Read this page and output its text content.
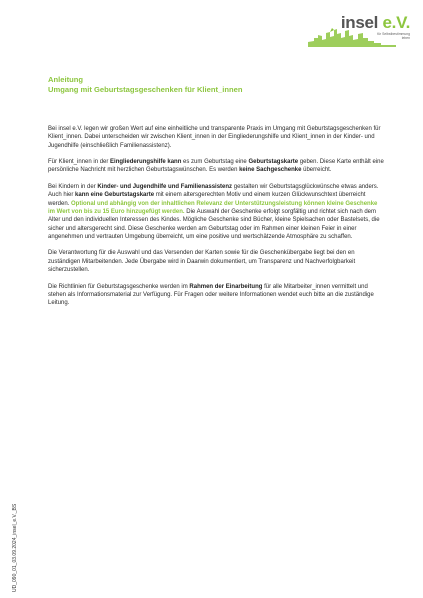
insel e.V.
für Selbstbestimmung
leben
Anleitung
Umgang mit Geburtstagsgeschenken für Klient_innen

Bei insel e.V. legen wir großen Wert auf eine einheitliche und transparente Praxis im Umgang mit Geburtstagsgeschenken für Klient_innen. Dabei unterscheiden wir zwischen Klient_innen in der Eingliederungshilfe und Klient_innen in der Kinder- und Jugendhilfe (einschließlich Familienassistenz).

Für Klient_innen in der Eingliederungshilfe kann es zum Geburtstag eine Geburtstagskarte geben. Diese Karte enthält eine persönliche Nachricht mit herzlichen Geburtstagswünschen. Es werden keine Sachgeschenke überreicht.

Bei Kindern in der Kinder- und Jugendhilfe und Familienassistenz gestalten wir Geburtstagsglückwünsche etwas anders. Auch hier kann eine Geburtstagskarte mit einem altersgerechten Motiv und einem kurzen Glückwunschtext überreicht werden. Optional und abhängig von der inhaltlichen Relevanz der Unterstützungsleistung können kleine Geschenke im Wert von bis zu 15 Euro hinzugefügt werden. Die Auswahl der Geschenke erfolgt sorgfältig und richtet sich nach dem Alter und den individuellen Interessen des Kindes. Mögliche Geschenke sind Bücher, kleine Spielsachen oder Bastelsets, die sicher und altersgerecht sind. Diese Geschenke werden am Geburtstag oder im Rahmen einer kleinen Feier in einer angenehmen und vertrauten Umgebung überreicht, um eine positive und wertschätzende Atmosphäre zu schaffen.

Die Verantwortung für die Auswahl und das Versenden der Karten sowie für die Geschenkübergabe liegt bei den en zuständigen Mitarbeitenden. Jede Übergabe wird in Daarwin dokumentiert, um Transparenz und Nachverfolgbarkeit sicherzustellen.

Die Richtlinien für Geburtstagsgeschenke werden im Rahmen der Einarbeitung für alle Mitarbeiter_innen vermittelt und stehen als Informationsmaterial zur Verfügung. Für Fragen oder weitere Informationen wendet euch bitte an die zuständige Leitung.

UD_090_01_03.09.2024_insel_e.V._BS
